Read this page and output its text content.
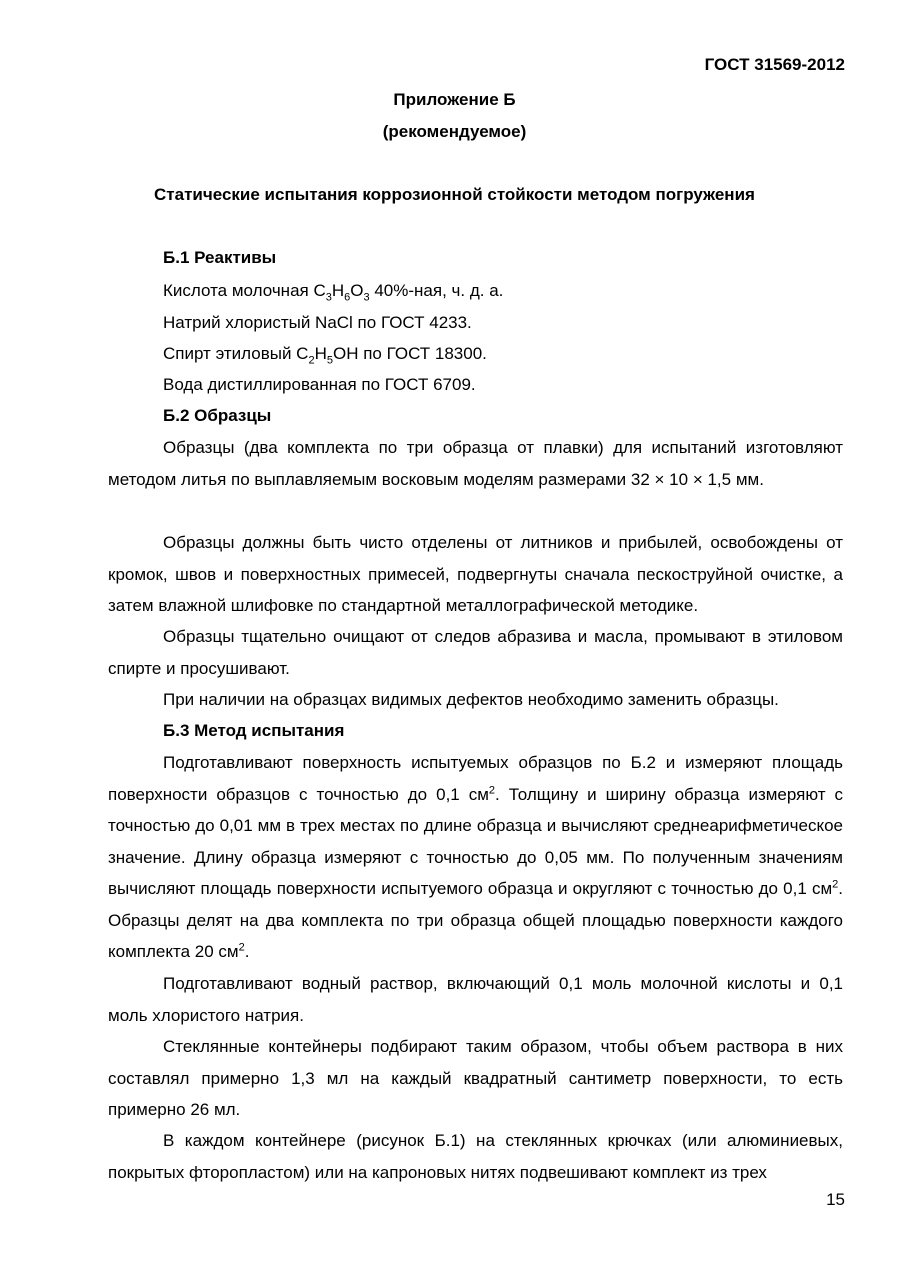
ГОСТ 31569-2012
Приложение Б
(рекомендуемое)
Статические испытания коррозионной стойкости методом погружения
Б.1 Реактивы
Кислота молочная $C_3H_6O_3$ 40%-ная, ч. д. а.
Натрий хлористый NaCl по ГОСТ 4233.
Спирт этиловый $C_2H_5OH$ по ГОСТ 18300.
Вода дистиллированная по ГОСТ 6709.
Б.2 Образцы
Образцы (два комплекта по три образца от плавки) для испытаний изготовляют методом литья по выплавляемым восковым моделям размерами 32 × 10 × 1,5 мм.
Образцы должны быть чисто отделены от литников и прибылей, освобождены от кромок, швов и поверхностных примесей, подвергнуты сначала пескоструйной очистке, а затем влажной шлифовке по стандартной металлографической методике.
Образцы тщательно очищают от следов абразива и масла, промывают в этиловом спирте и просушивают.
При наличии на образцах видимых дефектов необходимо заменить образцы.
Б.3 Метод испытания
Подготавливают поверхность испытуемых образцов по Б.2 и измеряют площадь поверхности образцов с точностью до 0,1 $см^2$. Толщину и ширину образца измеряют с точностью до 0,01 мм в трех местах по длине образца и вычисляют среднеарифметическое значение. Длину образца измеряют с точностью до 0,05 мм. По полученным значениям вычисляют площадь поверхности испытуемого образца и округляют с точностью до 0,1 $см^2$. Образцы делят на два комплекта по три образца общей площадью поверхности каждого комплекта 20 $см^2$.
Подготавливают водный раствор, включающий 0,1 моль молочной кислоты и 0,1 моль хлористого натрия.
Стеклянные контейнеры подбирают таким образом, чтобы объем раствора в них составлял примерно 1,3 мл на каждый квадратный сантиметр поверхности, то есть примерно 26 мл.
В каждом контейнере (рисунок Б.1) на стеклянных крючках (или алюминиевых, покрытых фторопластом) или на капроновых нитях подвешивают комплект из трех
15
